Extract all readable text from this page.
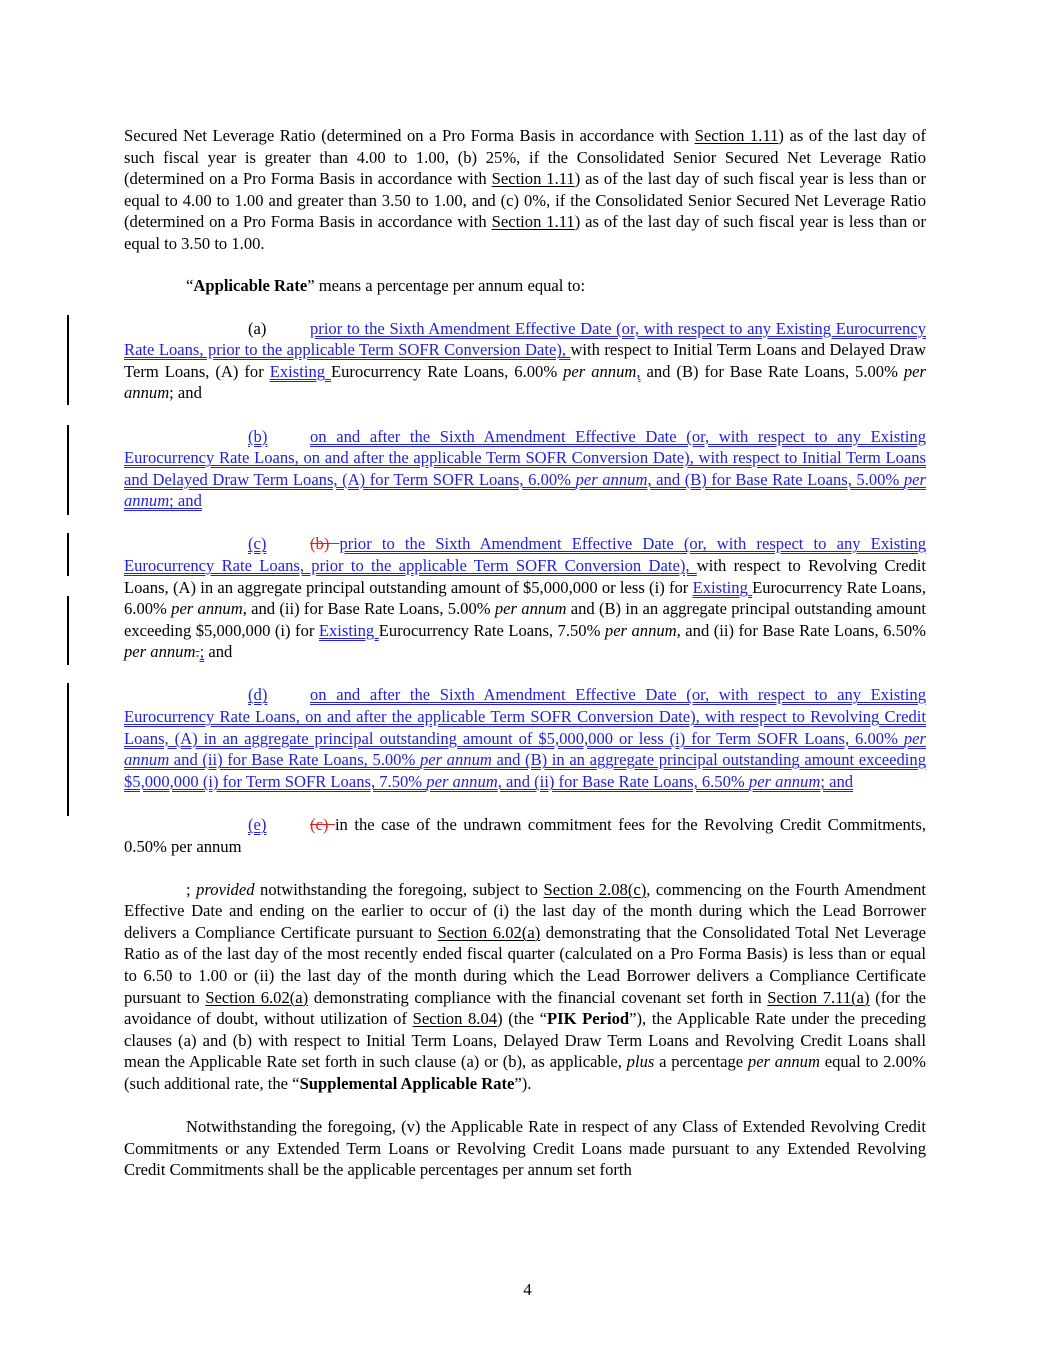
Secured Net Leverage Ratio (determined on a Pro Forma Basis in accordance with Section 1.11) as of the last day of such fiscal year is greater than 4.00 to 1.00, (b) 25%, if the Consolidated Senior Secured Net Leverage Ratio (determined on a Pro Forma Basis in accordance with Section 1.11) as of the last day of such fiscal year is less than or equal to 4.00 to 1.00 and greater than 3.50 to 1.00, and (c) 0%, if the Consolidated Senior Secured Net Leverage Ratio (determined on a Pro Forma Basis in accordance with Section 1.11) as of the last day of such fiscal year is less than or equal to 3.50 to 1.00.

“Applicable Rate” means a percentage per annum equal to:

(a)	prior to the Sixth Amendment Effective Date (or, with respect to any Existing Eurocurrency Rate Loans, prior to the applicable Term SOFR Conversion Date), with respect to Initial Term Loans and Delayed Draw Term Loans, (A) for Existing Eurocurrency Rate Loans, 6.00% per annum, and (B) for Base Rate Loans, 5.00% per annum; and

(b)	on and after the Sixth Amendment Effective Date (or, with respect to any Existing Eurocurrency Rate Loans, on and after the applicable Term SOFR Conversion Date), with respect to Initial Term Loans and Delayed Draw Term Loans, (A) for Term SOFR Loans, 6.00% per annum, and (B) for Base Rate Loans, 5.00% per annum; and

(c)	(b) prior to the Sixth Amendment Effective Date (or, with respect to any Existing Eurocurrency Rate Loans, prior to the applicable Term SOFR Conversion Date), with respect to Revolving Credit Loans, (A) in an aggregate principal outstanding amount of $5,000,000 or less (i) for Existing Eurocurrency Rate Loans, 6.00% per annum, and (ii) for Base Rate Loans, 5.00% per annum and (B) in an aggregate principal outstanding amount exceeding $5,000,000 (i) for Existing Eurocurrency Rate Loans, 7.50% per annum, and (ii) for Base Rate Loans, 6.50% per annum.; and

(d)	on and after the Sixth Amendment Effective Date (or, with respect to any Existing Eurocurrency Rate Loans, on and after the applicable Term SOFR Conversion Date), with respect to Revolving Credit Loans, (A) in an aggregate principal outstanding amount of $5,000,000 or less (i) for Term SOFR Loans, 6.00% per annum and (ii) for Base Rate Loans, 5.00% per annum and (B) in an aggregate principal outstanding amount exceeding $5,000,000 (i) for Term SOFR Loans, 7.50% per annum, and (ii) for Base Rate Loans, 6.50% per annum; and

(e)	(c) in the case of the undrawn commitment fees for the Revolving Credit Commitments, 0.50% per annum

; provided notwithstanding the foregoing, subject to Section 2.08(c), commencing on the Fourth Amendment Effective Date and ending on the earlier to occur of (i) the last day of the month during which the Lead Borrower delivers a Compliance Certificate pursuant to Section 6.02(a) demonstrating that the Consolidated Total Net Leverage Ratio as of the last day of the most recently ended fiscal quarter (calculated on a Pro Forma Basis) is less than or equal to 6.50 to 1.00 or (ii) the last day of the month during which the Lead Borrower delivers a Compliance Certificate pursuant to Section 6.02(a) demonstrating compliance with the financial covenant set forth in Section 7.11(a) (for the avoidance of doubt, without utilization of Section 8.04) (the “PIK Period”), the Applicable Rate under the preceding clauses (a) and (b) with respect to Initial Term Loans, Delayed Draw Term Loans and Revolving Credit Loans shall mean the Applicable Rate set forth in such clause (a) or (b), as applicable, plus a percentage per annum equal to 2.00% (such additional rate, the “Supplemental Applicable Rate”).

Notwithstanding the foregoing, (v) the Applicable Rate in respect of any Class of Extended Revolving Credit Commitments or any Extended Term Loans or Revolving Credit Loans made pursuant to any Extended Revolving Credit Commitments shall be the applicable percentages per annum set forth

4
